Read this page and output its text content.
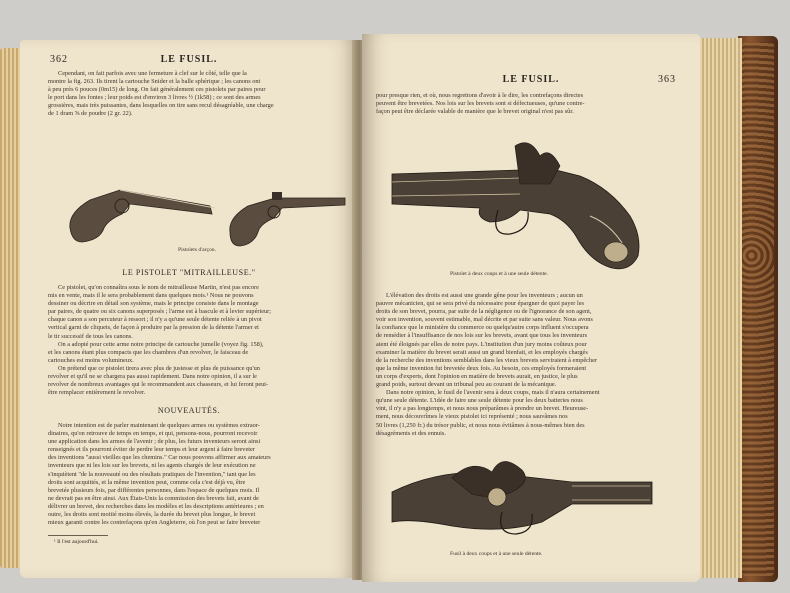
362	LE FUSIL.

Cependant, on fait parfois avec une fermeture à clef sur le côté, telle que la

montre la fig. 263. Ils tirent la cartouche Snider et la balle sphérique ; les canons ont

à peu près 6 pouces (0m15) de long. On fait généralement ces pistolets par paires pour

le port dans les fontes ; leur poids est d'environ 3 livres ½ (1k58) ; ce sont des armes

grossières, mais très puissantes, dans lesquelles on tire sans recul désagréable, une charge

de 1 dram ⅝ de poudre (2 gr. 22).

Pistolets d'arçon.
LE PISTOLET "MITRAILLEUSE."

Ce pistolet, qu'on connaîtra sous le nom de mitrailleuse Martin, n'est pas encore

mis en vente, mais il le sera probablement dans quelques mois.¹ Nous ne pouvons

dessiner ou décrire en détail son système, mais le principe consiste dans le montage

par paires, de quatre ou six canons superposés ; l'arme est à bascule et à levier supérieur;

chaque canon a son percuteur à ressort ; il n'y a qu'une seule détente reliée à un pivot

vertical garni de cliquets, de façon à produire par la pression de la détente l'armer et

le tir successif de tous les canons.

On a adopté pour cette arme notre principe de cartouche jumelle (voyez fig. 158),

et les canons étant plus compacts que les chambres d'un revolver, le faisceau de

cartouches est moins volumineux.

On prétend que ce pistolet tirera avec plus de justesse et plus de puissance qu'un

revolver et qu'il ne se chargera pas aussi rapidement. Dans notre opinion, il a sur le

revolver de nombreux avantages qui le recommandent aux chasseurs, et lui feront peut-

être remplacer entièrement le revolver.

NOUVEAUTÉS.

Notre intention est de parler maintenant de quelques armes ou systèmes extraor-

dinaires, qu'on retrouve de temps en temps, et qui, pensons-nous, pourront recevoir

une application dans les armes de l'avenir ; de plus, les futurs inventeurs seront ainsi

renseignés et ils pourront éviter de perdre leur temps et leur argent à faire breveter

des inventions "aussi vieilles que les chemins." Car nous pouvons affirmer aux amateurs

inventeurs que ni les lois sur les brevets, ni les agents chargés de leur exécution ne

s'inquiètent "de la nouveauté ou des résultats pratiques de l'invention," tant que les

droits sont acquittés, et la même invention peut, comme cela c'est déjà vu, être

brevetée plusieurs fois, par différentes personnes, dans l'espace de quelques mois. Il

ne devrait pas en être ainsi. Aux États-Unis la commission des brevets fait, avant de

délivrer un brevet, des recherches dans les modèles et les descriptions antérieures ; en

outre, les droits sont moitié moins élevés, la durée du brevet plus longue, le brevet

mieux garanti contre les contrefaçons qu'en Angleterre, où l'on peut se faire breveter

¹ Il l'est aujourd'hui.
LE FUSIL.	363

pour presque rien, et où, nous regrettons d'avoir à le dire, les contrefaçons directes

peuvent être brevetées. Nos lois sur les brevets sont si défectueuses, qu'une contre-

façon peut être déclarée valable de manière que le brevet original n'est pas sûr.

Pistolet à deux coups et à une seule détente.

L'élévation des droits est aussi une grande gêne pour les inventeurs ; aucun un

pauvre mécanicien, qui se sera privé du nécessaire pour épargner de quoi payer les

droits de son brevet, pourra, par suite de la négligence ou de l'ignorance de son agent,

voir son invention, souvent estimable, mal décrite et par suite sans valeur. Nous avons

la confiance que le ministère du commerce ou quelqu'autre corps influent s'occupera

de remédier à l'insuffisance de nos lois sur les brevets, avant que tous les inventeurs

aient été éloignés par elles de notre pays. L'institution d'un jury moins coûteux pour

examiner la matière du brevet serait aussi un grand bienfait, et les employés chargés

de la recherche des inventions semblables dans les vieux brevets serviraient à empêcher

que la même invention fut brevetée deux fois. Au besoin, ces employés formeraient

un corps d'experts, dont l'opinion en matière de brevets aurait, en justice, le plus

grand poids, surtout devant un tribunal peu au courant de la mécanique.

Dans notre opinion, le fusil de l'avenir sera à deux coups, mais il n'aura certainement

qu'une seule détente. L'idée de faire une seule détente pour les deux batteries nous

vint, il n'y a pas longtemps, et nous nous préparâmes à prendre un brevet. Heureuse-

ment, nous découvrîmes le vieux pistolet ici représenté ; nous sauvâmes nos

50 livres (1,250 fr.) du trésor public, et nous nous évitâmes à nous-mêmes bien des

désagréments et des ennuis.

Fusil à deux coups et à une seule détente.
